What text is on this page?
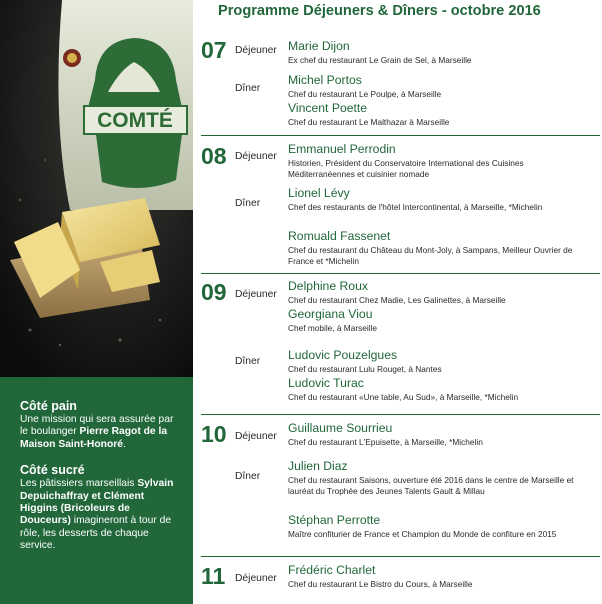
COMTÉ
Côté pain

Une mission qui sera assurée par le boulanger Pierre Ragot de la Maison Saint-Honoré.

Côté sucré

Les pâtissiers marseillais Sylvain Depuichaffray et Clément Higgins (Bricoleurs de Douceurs) imagineront à tour de rôle, les desserts de chaque service.

Programme Déjeuners & Dîners - octobre 2016
07 Déjeuner Marie Dijon
Ex chef du restaurant Le Grain de Sel, à Marseille
Dîner
Michel Portos
Chef du restaurant Le Poulpe, à Marseille
Vincent Poette
Chef du restaurant Le Malthazar à Marseille
08 Déjeuner
Emmanuel Perrodin
Historien, Président du Conservatoire International des Cuisines Méditerranéennes et cuisinier nomade
Dîner
Lionel Lévy
Chef des restaurants de l'hôtel Intercontinental, à Marseille, *Michelin
Romuald Fassenet
Chef du restaurant du Château du Mont-Joly, à Sampans, Meilleur Ouvrier de France et *Michelin
09 Déjeuner
Delphine Roux
Chef du restaurant Chez Madie, Les Galinettes, à Marseille
Georgiana Viou
Chef mobile, à Marseille
Dîner Ludovic Pouzelgues
Chef du restaurant Lulu Rouget, à Nantes
Ludovic Turac
Chef du restaurant «Une table, Au Sud», à Marseille, *Michelin
10 Déjeuner
Guillaume Sourrieu
Chef du restaurant L'Epuisette, à Marseille, *Michelin
Dîner
Julien Diaz
Chef du restaurant Saisons, ouverture été 2016 dans le centre de Marseille et lauréat du Trophée des Jeunes Talents Gault & Millau
Stéphan Perrotte
Maître confiturier de France et Champion du Monde de confiture en 2015
11 Déjeuner
Frédéric Charlet
Chef du restaurant Le Bistro du Cours, à Marseille
